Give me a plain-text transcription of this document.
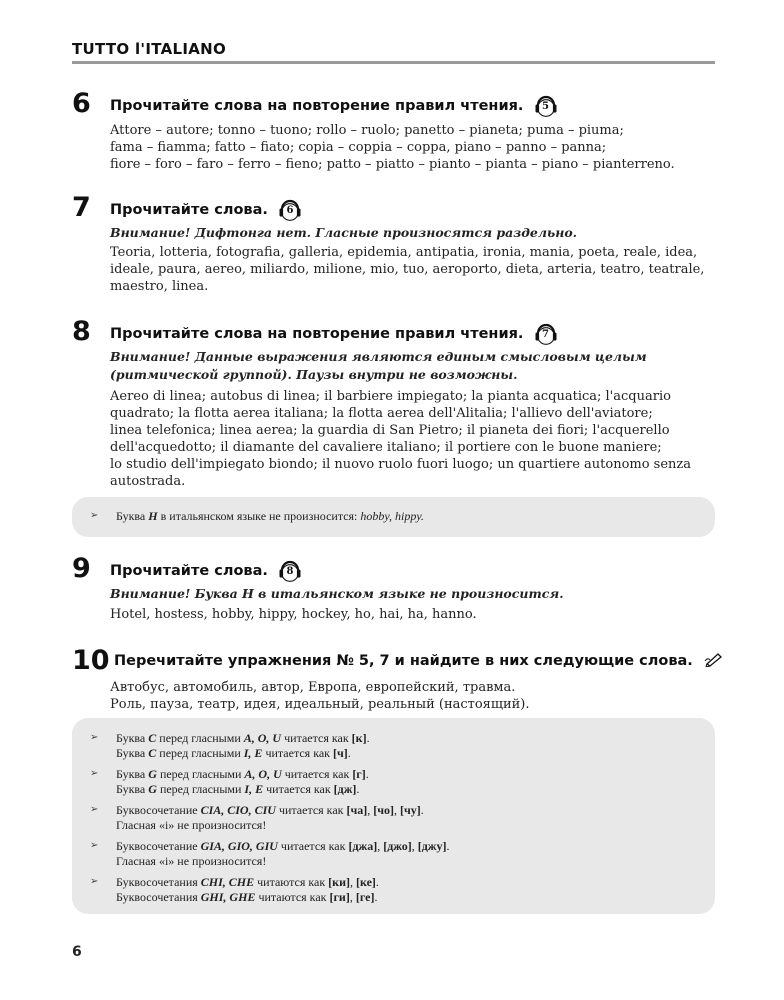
TUTTO l'ITALIANO
6 Прочитайте слова на повторение правил чтения.	5
Attore – autore; tonno – tuono; rollo – ruolo; panetto – pianeta; puma – piuma;
fama – fiamma; fatto – fiato; copia – coppia – coppa, piano – panno – panna;
fiore – foro – faro – ferro – fieno; patto – piatto – pianto – pianta – piano – pianterreno.
7 Прочитайте слова.	6
Внимание! Дифтонга нет. Гласные произносятся раздельно.
Teoria, lotteria, fotografia, galleria, epidemia, antipatia, ironia, mania, poeta, reale, idea,
ideale, paura, aereo, miliardo, milione, mio, tuo, aeroporto, dieta, arteria, teatro, teatrale,
maestro, linea.
8 Прочитайте слова на повторение правил чтения.	7
Внимание! Данные выражения являются единым смысловым целым
(ритмической группой). Паузы внутри не возможны.
Aereo di linea; autobus di linea; il barbiere impiegato; la pianta acquatica; l'acquario
quadrato; la flotta aerea italiana; la flotta aerea dell'Alitalia; l'allievo dell'aviatore;
linea telefonica; linea aerea; la guardia di San Pietro; il pianeta dei fiori; l'acquerello
dell'acquedotto; il diamante del cavaliere italiano; il portiere con le buone maniere;
lo studio dell'impiegato biondo; il nuovo ruolo fuori luogo; un quartiere autonomo senza
autostrada.
➢ Буква H в итальянском языке не произносится: hobby, hippy.
9 Прочитайте слова.	8
Внимание! Буква Н в итальянском языке не произносится.
Hotel, hostess, hobby, hippy, hockey, ho, hai, ha, hanno.
10 Перечитайте упражнения № 5, 7 и найдите в них следующие слова.
Автобус, автомобиль, автор, Европа, европейский, травма.
Роль, пауза, театр, идея, идеальный, реальный (настоящий).
➢ Буква C перед гласными A, O, U читается как [к].
Буква C перед гласными I, E читается как [ч].
➢ Буква G перед гласными A, O, U читается как [г].
Буква G перед гласными I, E читается как [дж].
➢ Буквосочетание CIA, CIO, CIU читается как [ча], [чо], [чу].
Гласная «i» не произносится!
➢ Буквосочетание GIA, GIO, GIU читается как [джа], [джо], [джу].
Гласная «i» не произносится!
➢ Буквосочетания CHI, CHE читаются как [ки], [ке].
Буквосочетания GHI, GHE читаются как [ги], [ге].
6
